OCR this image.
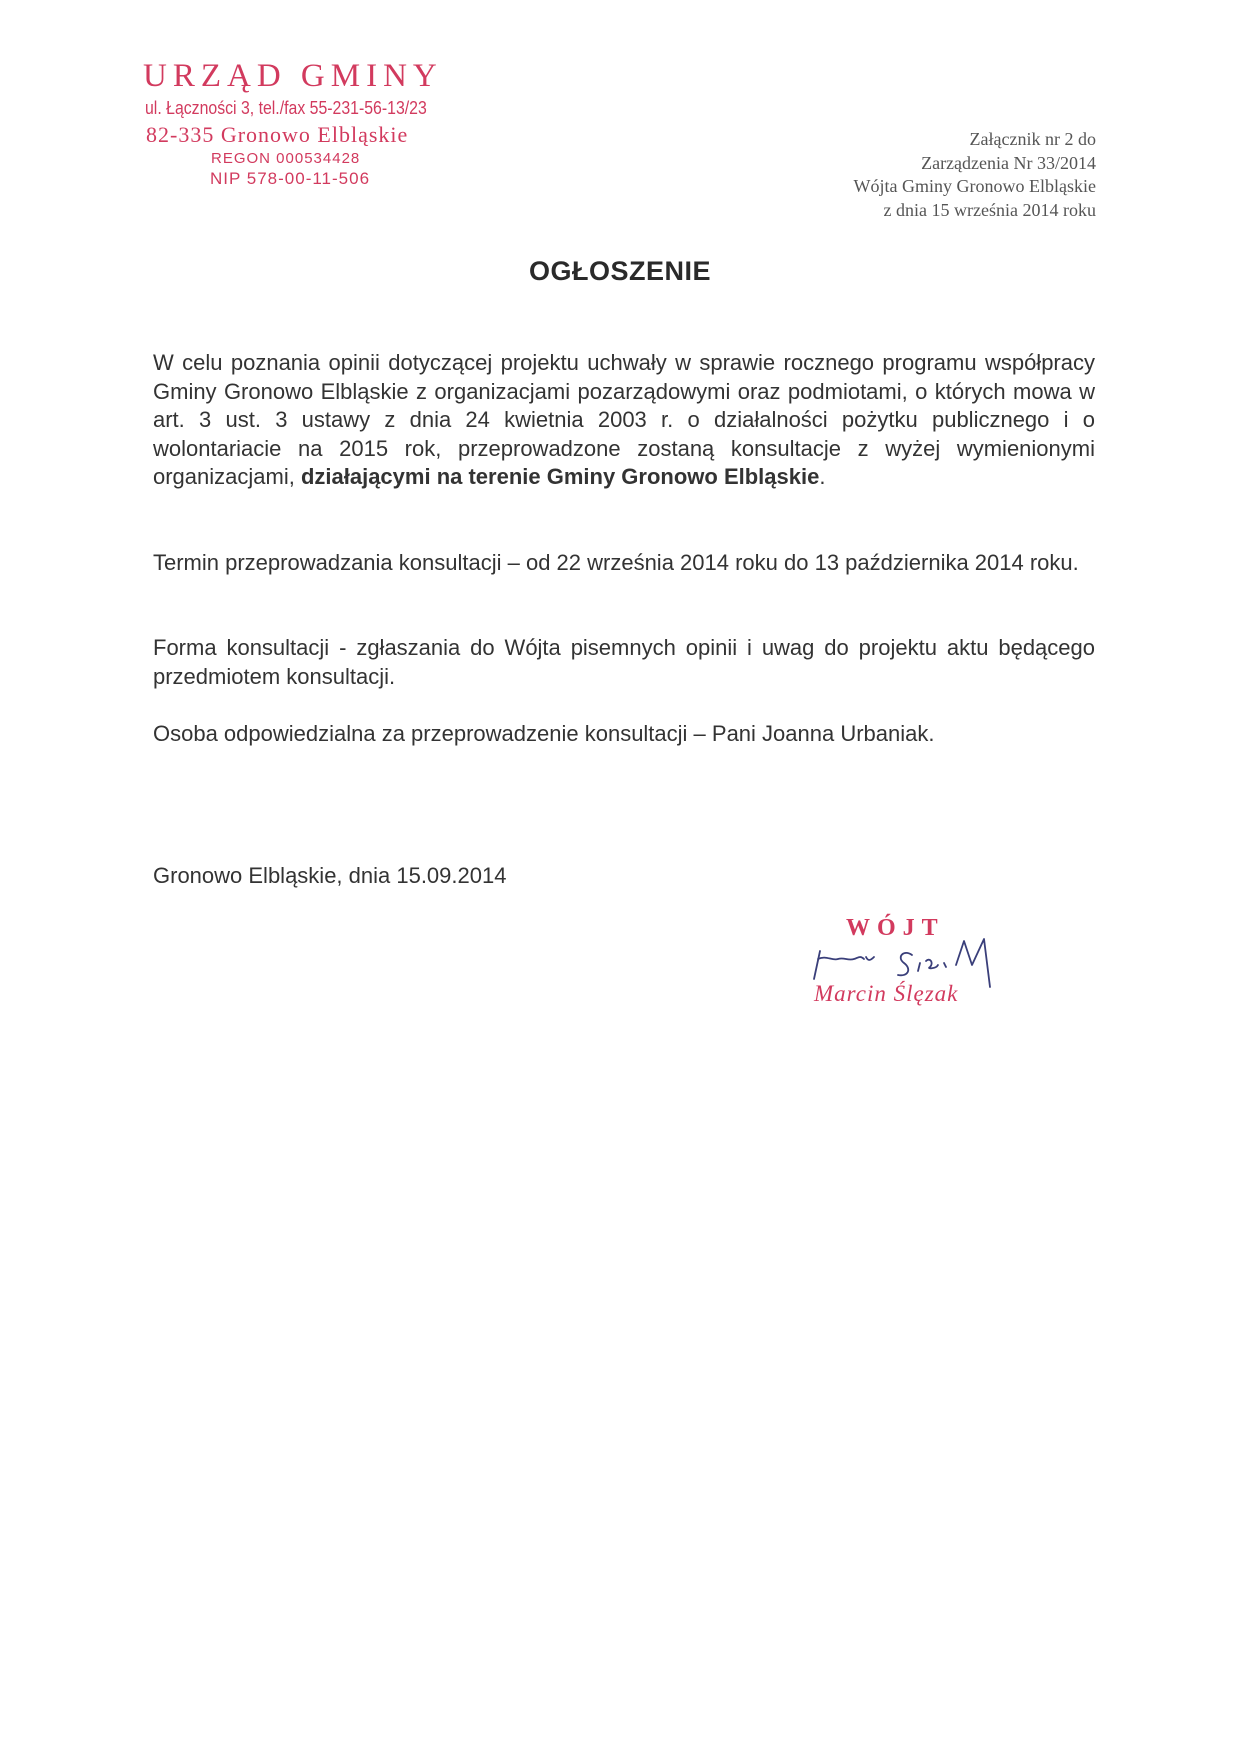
URZĄD GMINY
ul. Łączności 3, tel./fax 55-231-56-13/23
82-335 Gronowo Elbląskie
REGON 000534428
NIP 578-00-11-506
Załącznik nr 2 do
Zarządzenia Nr 33/2014
Wójta Gminy Gronowo Elbląskie
z dnia 15 września 2014 roku
OGŁOSZENIE
W celu poznania opinii dotyczącej projektu uchwały w sprawie rocznego programu współpracy Gminy Gronowo Elbląskie z organizacjami pozarządowymi oraz podmiotami, o których mowa w art. 3 ust. 3 ustawy z dnia 24 kwietnia 2003 r. o działalności pożytku publicznego i o wolontariacie na 2015 rok, przeprowadzone zostaną konsultacje z wyżej wymienionymi organizacjami, działającymi na terenie Gminy Gronowo Elbląskie.
Termin przeprowadzania konsultacji – od 22 września 2014 roku do 13 października 2014 roku.
Forma konsultacji - zgłaszania do Wójta pisemnych opinii i uwag do projektu aktu będącego przedmiotem konsultacji.
Osoba odpowiedzialna za przeprowadzenie konsultacji – Pani Joanna Urbaniak.
Gronowo Elbląskie, dnia 15.09.2014
WÓJT
Marcin Ślęzak
